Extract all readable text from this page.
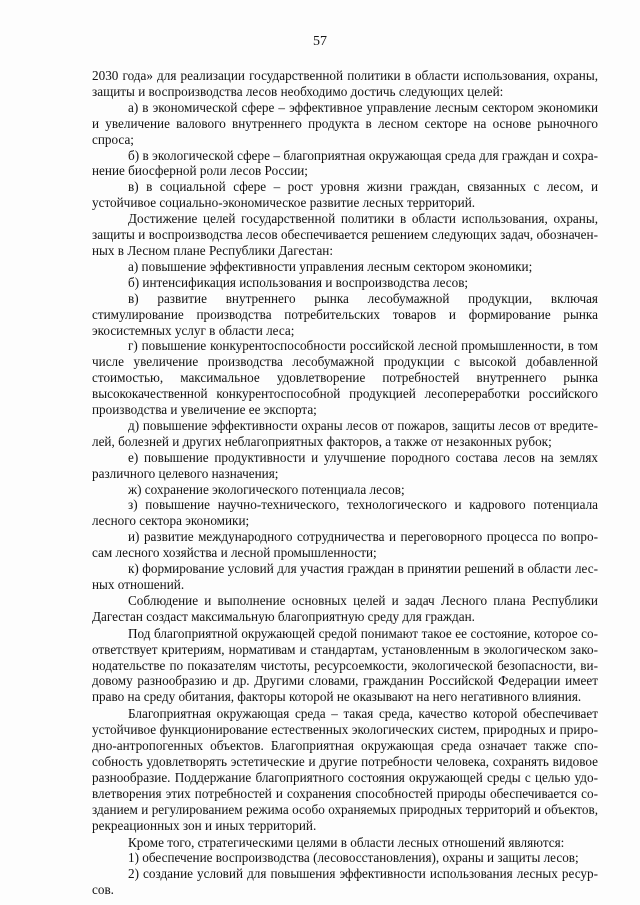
57

2030 года» для реализации государственной политики в области использования, охраны, защиты и воспроизводства лесов необходимо достичь следующих целей:

а) в экономической сфере – эффективное управление лесным сектором экономики и увеличение валового внутреннего продукта в лесном секторе на основе рыночного спроса;

б) в экологической сфере – благоприятная окружающая среда для граждан и сохранение биосферной роли лесов России;

в) в социальной сфере – рост уровня жизни граждан, связанных с лесом, и устойчивое социально-экономическое развитие лесных территорий.

Достижение целей государственной политики в области использования, охраны, защиты и воспроизводства лесов обеспечивается решением следующих задач, обозначенных в Лесном плане Республики Дагестан:

а) повышение эффективности управления лесным сектором экономики;

б) интенсификация использования и воспроизводства лесов;

в) развитие внутреннего рынка лесобумажной продукции, включая стимулирование производства потребительских товаров и формирование рынка экосистемных услуг в области леса;

г) повышение конкурентоспособности российской лесной промышленности, в том числе увеличение производства лесобумажной продукции с высокой добавленной стоимостью, максимальное удовлетворение потребностей внутреннего рынка высококачественной конкурентоспособной продукцией лесопереработки российского производства и увеличение ее экспорта;

д) повышение эффективности охраны лесов от пожаров, защиты лесов от вредителей, болезней и других неблагоприятных факторов, а также от незаконных рубок;

е) повышение продуктивности и улучшение породного состава лесов на землях различного целевого назначения;

ж) сохранение экологического потенциала лесов;

з) повышение научно-технического, технологического и кадрового потенциала лесного сектора экономики;

и) развитие международного сотрудничества и переговорного процесса по вопросам лесного хозяйства и лесной промышленности;

к) формирование условий для участия граждан в принятии решений в области лесных отношений.

Соблюдение и выполнение основных целей и задач Лесного плана Республики Дагестан создаст максимальную благоприятную среду для граждан.

Под благоприятной окружающей средой понимают такое ее состояние, которое соответствует критериям, нормативам и стандартам, установленным в экологическом законодательстве по показателям чистоты, ресурсоемкости, экологической безопасности, видовому разнообразию и др. Другими словами, гражданин Российской Федерации имеет право на среду обитания, факторы которой не оказывают на него негативного влияния.

Благоприятная окружающая среда – такая среда, качество которой обеспечивает устойчивое функционирование естественных экологических систем, природных и природно-антропогенных объектов. Благоприятная окружающая среда означает также способность удовлетворять эстетические и другие потребности человека, сохранять видовое разнообразие. Поддержание благоприятного состояния окружающей среды с целью удовлетворения этих потребностей и сохранения способностей природы обеспечивается созданием и регулированием режима особо охраняемых природных территорий и объектов, рекреационных зон и иных территорий.

Кроме того, стратегическими целями в области лесных отношений являются:

1) обеспечение воспроизводства (лесовосстановления), охраны и защиты лесов;

2) создание условий для повышения эффективности использования лесных ресурсов.
